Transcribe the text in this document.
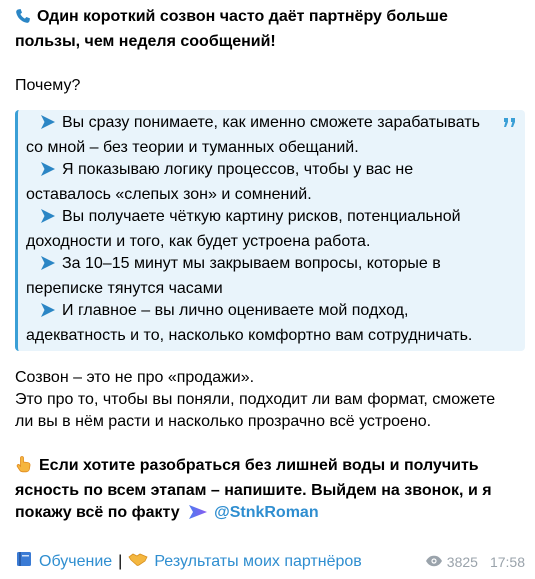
Один короткий созвон часто даёт партнёру больше
пользы, чем неделя сообщений!
Почему?
Вы сразу понимаете, как именно сможете зарабатывать
со мной – без теории и туманных обещаний.
Я показываю логику процессов, чтобы у вас не
оставалось «слепых зон» и сомнений.
Вы получаете чёткую картину рисков, потенциальной
доходности и того, как будет устроена работа.
За 10–15 минут мы закрываем вопросы, которые в
переписке тянутся часами
И главное – вы лично оцениваете мой подход,
адекватность и то, насколько комфортно вам сотрудничать.
Созвон – это не про «продажи».
Это про то, чтобы вы поняли, подходит ли вам формат, сможете
ли вы в нём расти и насколько прозрачно всё устроено.
Если хотите разобраться без лишней воды и получить
ясность по всем этапам – напишите. Выйдем на звонок, и я
покажу всё по факту @StnkRoman
Обучение | Результаты моих партнёров	3825 17:58
